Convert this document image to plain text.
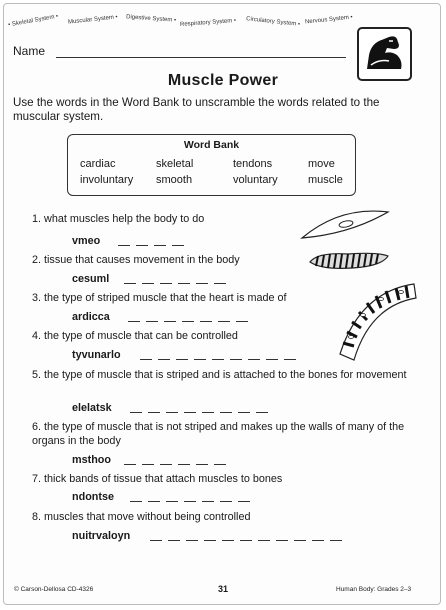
• Skeletal System • Muscular System • Digestive System • Respiratory System • Circulatory System • Nervous System •
Name
Muscle Power
Use the words in the Word Bank to unscramble the words related to the muscular system.
Word Bank
cardiac	skeletal	tendons	move
involuntary smooth	voluntary	muscle
1. what muscles help the body to do
vmeo
2. tissue that causes movement in the body
cesuml
3. the type of striped muscle that the heart is made of
ardicca
4. the type of muscle that can be controlled
tyvunarlo
5. the type of muscle that is striped and is attached to the bones for movement
elelatsk
6. the type of muscle that is not striped and makes up the walls of many of the organs in the body
msthoo
7. thick bands of tissue that attach muscles to bones
ndontse
8. muscles that move without being controlled
nuitrvaloyn
© Carson-Dellosa CD-4326	31	Human Body: Grades 2–3
